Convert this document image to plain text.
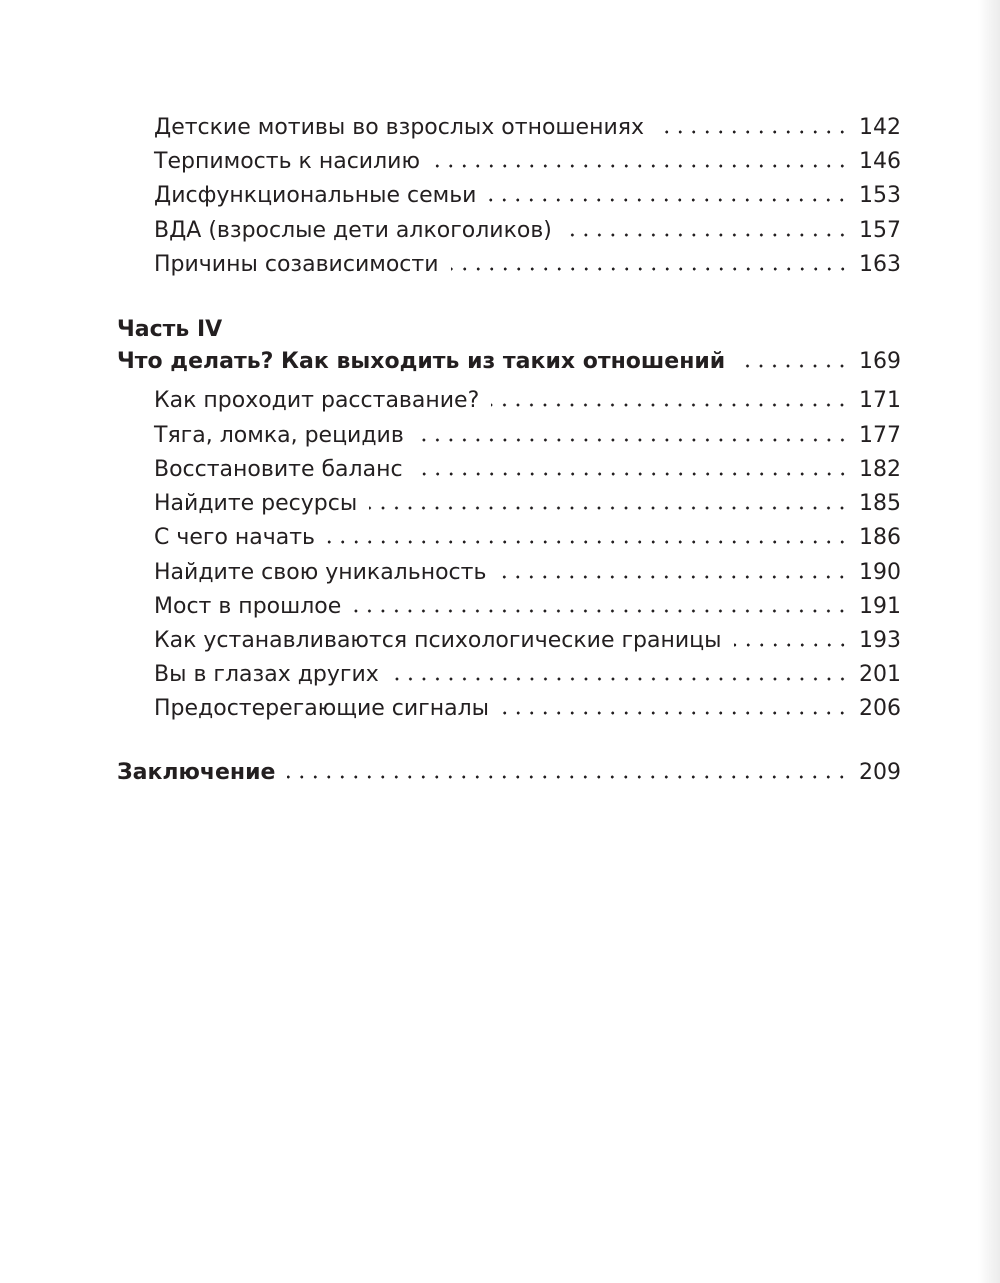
Детские мотивы во взрослых отношениях	142
Терпимость к насилию	146
Дисфункциональные семьи	153
ВДА (взрослые дети алкоголиков)	157
Причины созависимости	163
Часть IV
Что делать? Как выходить из таких отношений	169
Как проходит расставание?	171
Тяга, ломка, рецидив	177
Восстановите баланс	182
Найдите ресурсы	185
С чего начать	186
Найдите свою уникальность	190
Мост в прошлое	191
Как устанавливаются психологические границы	193
Вы в глазах других	201
Предостерегающие сигналы	206
Заключение	209
